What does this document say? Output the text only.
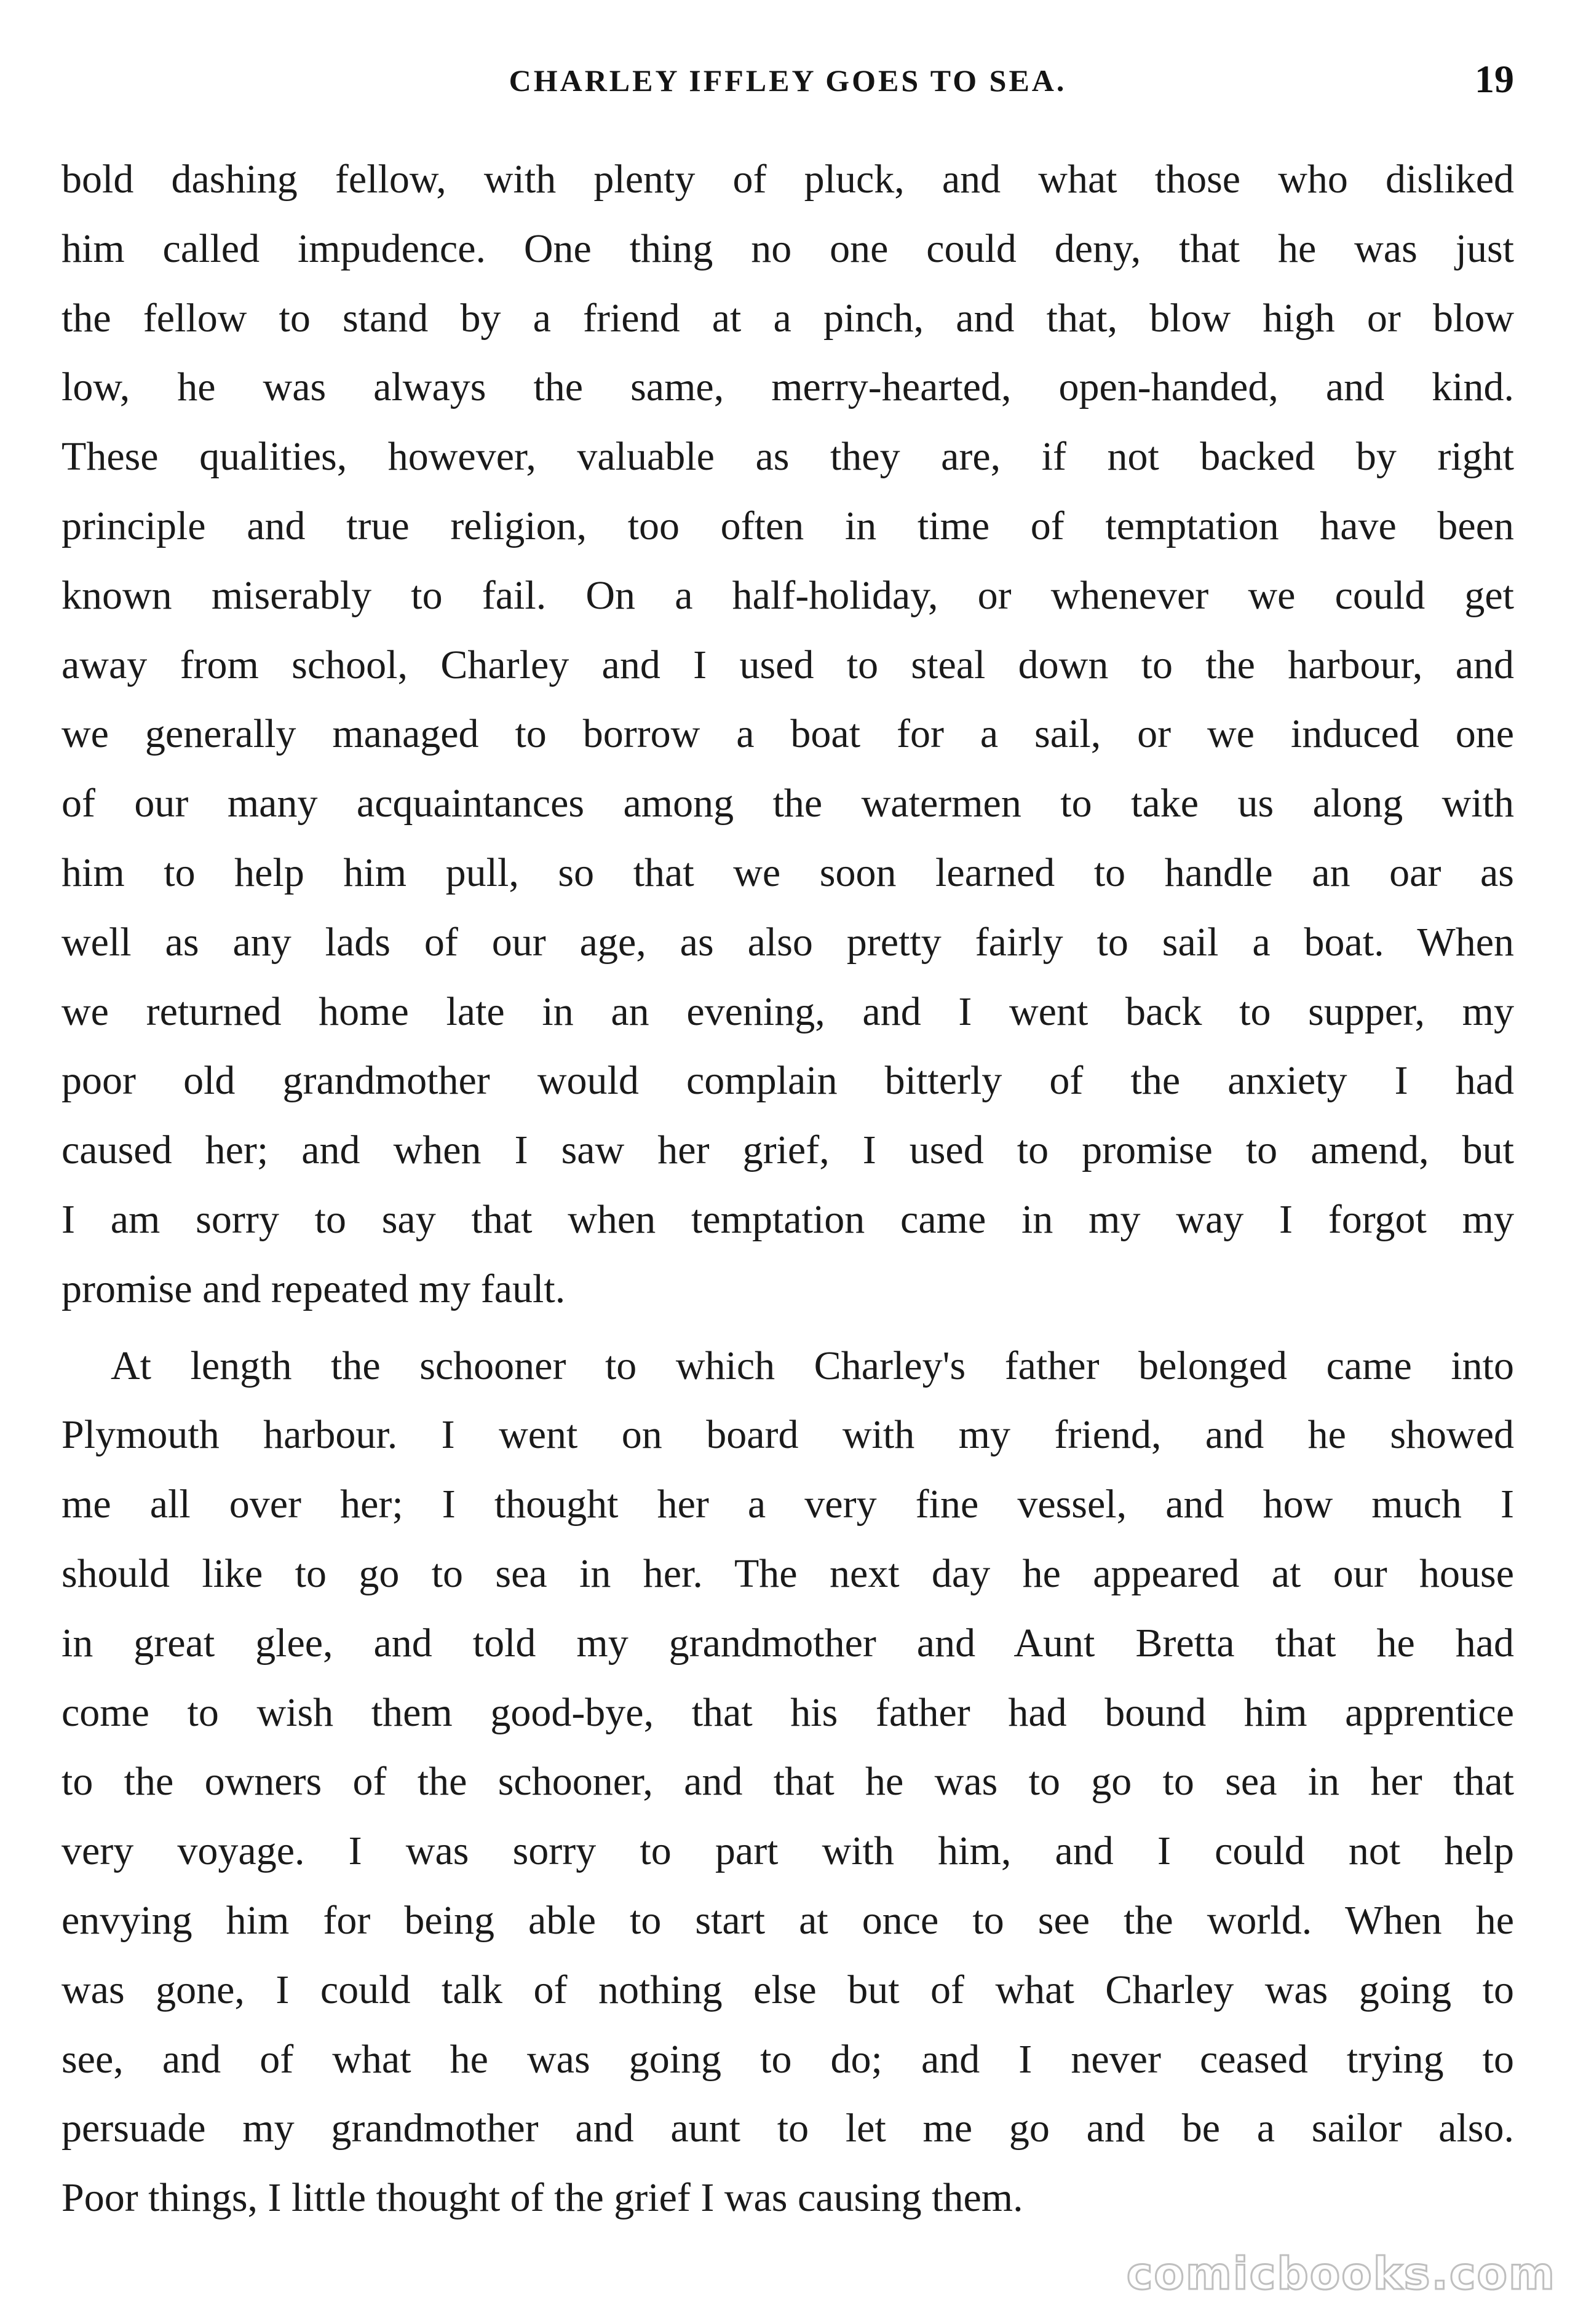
CHARLEY IFFLEY GOES TO SEA.	19
bold dashing fellow, with plenty of pluck, and what those who disliked
him called impudence. One thing no one could deny, that he was just
the fellow to stand by a friend at a pinch, and that, blow high or blow
low, he was always the same, merry-hearted, open-handed, and kind.
These qualities, however, valuable as they are, if not backed by right
principle and true religion, too often in time of temptation have been
known miserably to fail. On a half-holiday, or whenever we could get
away from school, Charley and I used to steal down to the harbour, and
we generally managed to borrow a boat for a sail, or we induced one
of our many acquaintances among the watermen to take us along with
him to help him pull, so that we soon learned to handle an oar as
well as any lads of our age, as also pretty fairly to sail a boat. When
we returned home late in an evening, and I went back to supper, my
poor old grandmother would complain bitterly of the anxiety I had
caused her; and when I saw her grief, I used to promise to amend, but
I am sorry to say that when temptation came in my way I forgot my
promise and repeated my fault.
At length the schooner to which Charley's father belonged came into
Plymouth harbour. I went on board with my friend, and he showed
me all over her; I thought her a very fine vessel, and how much I
should like to go to sea in her. The next day he appeared at our house
in great glee, and told my grandmother and Aunt Bretta that he had
come to wish them good-bye, that his father had bound him apprentice
to the owners of the schooner, and that he was to go to sea in her that
very voyage. I was sorry to part with him, and I could not help
envying him for being able to start at once to see the world. When he
was gone, I could talk of nothing else but of what Charley was going to
see, and of what he was going to do; and I never ceased trying to
persuade my grandmother and aunt to let me go and be a sailor also.
Poor things, I little thought of the grief I was causing them.
comicbooks.com
